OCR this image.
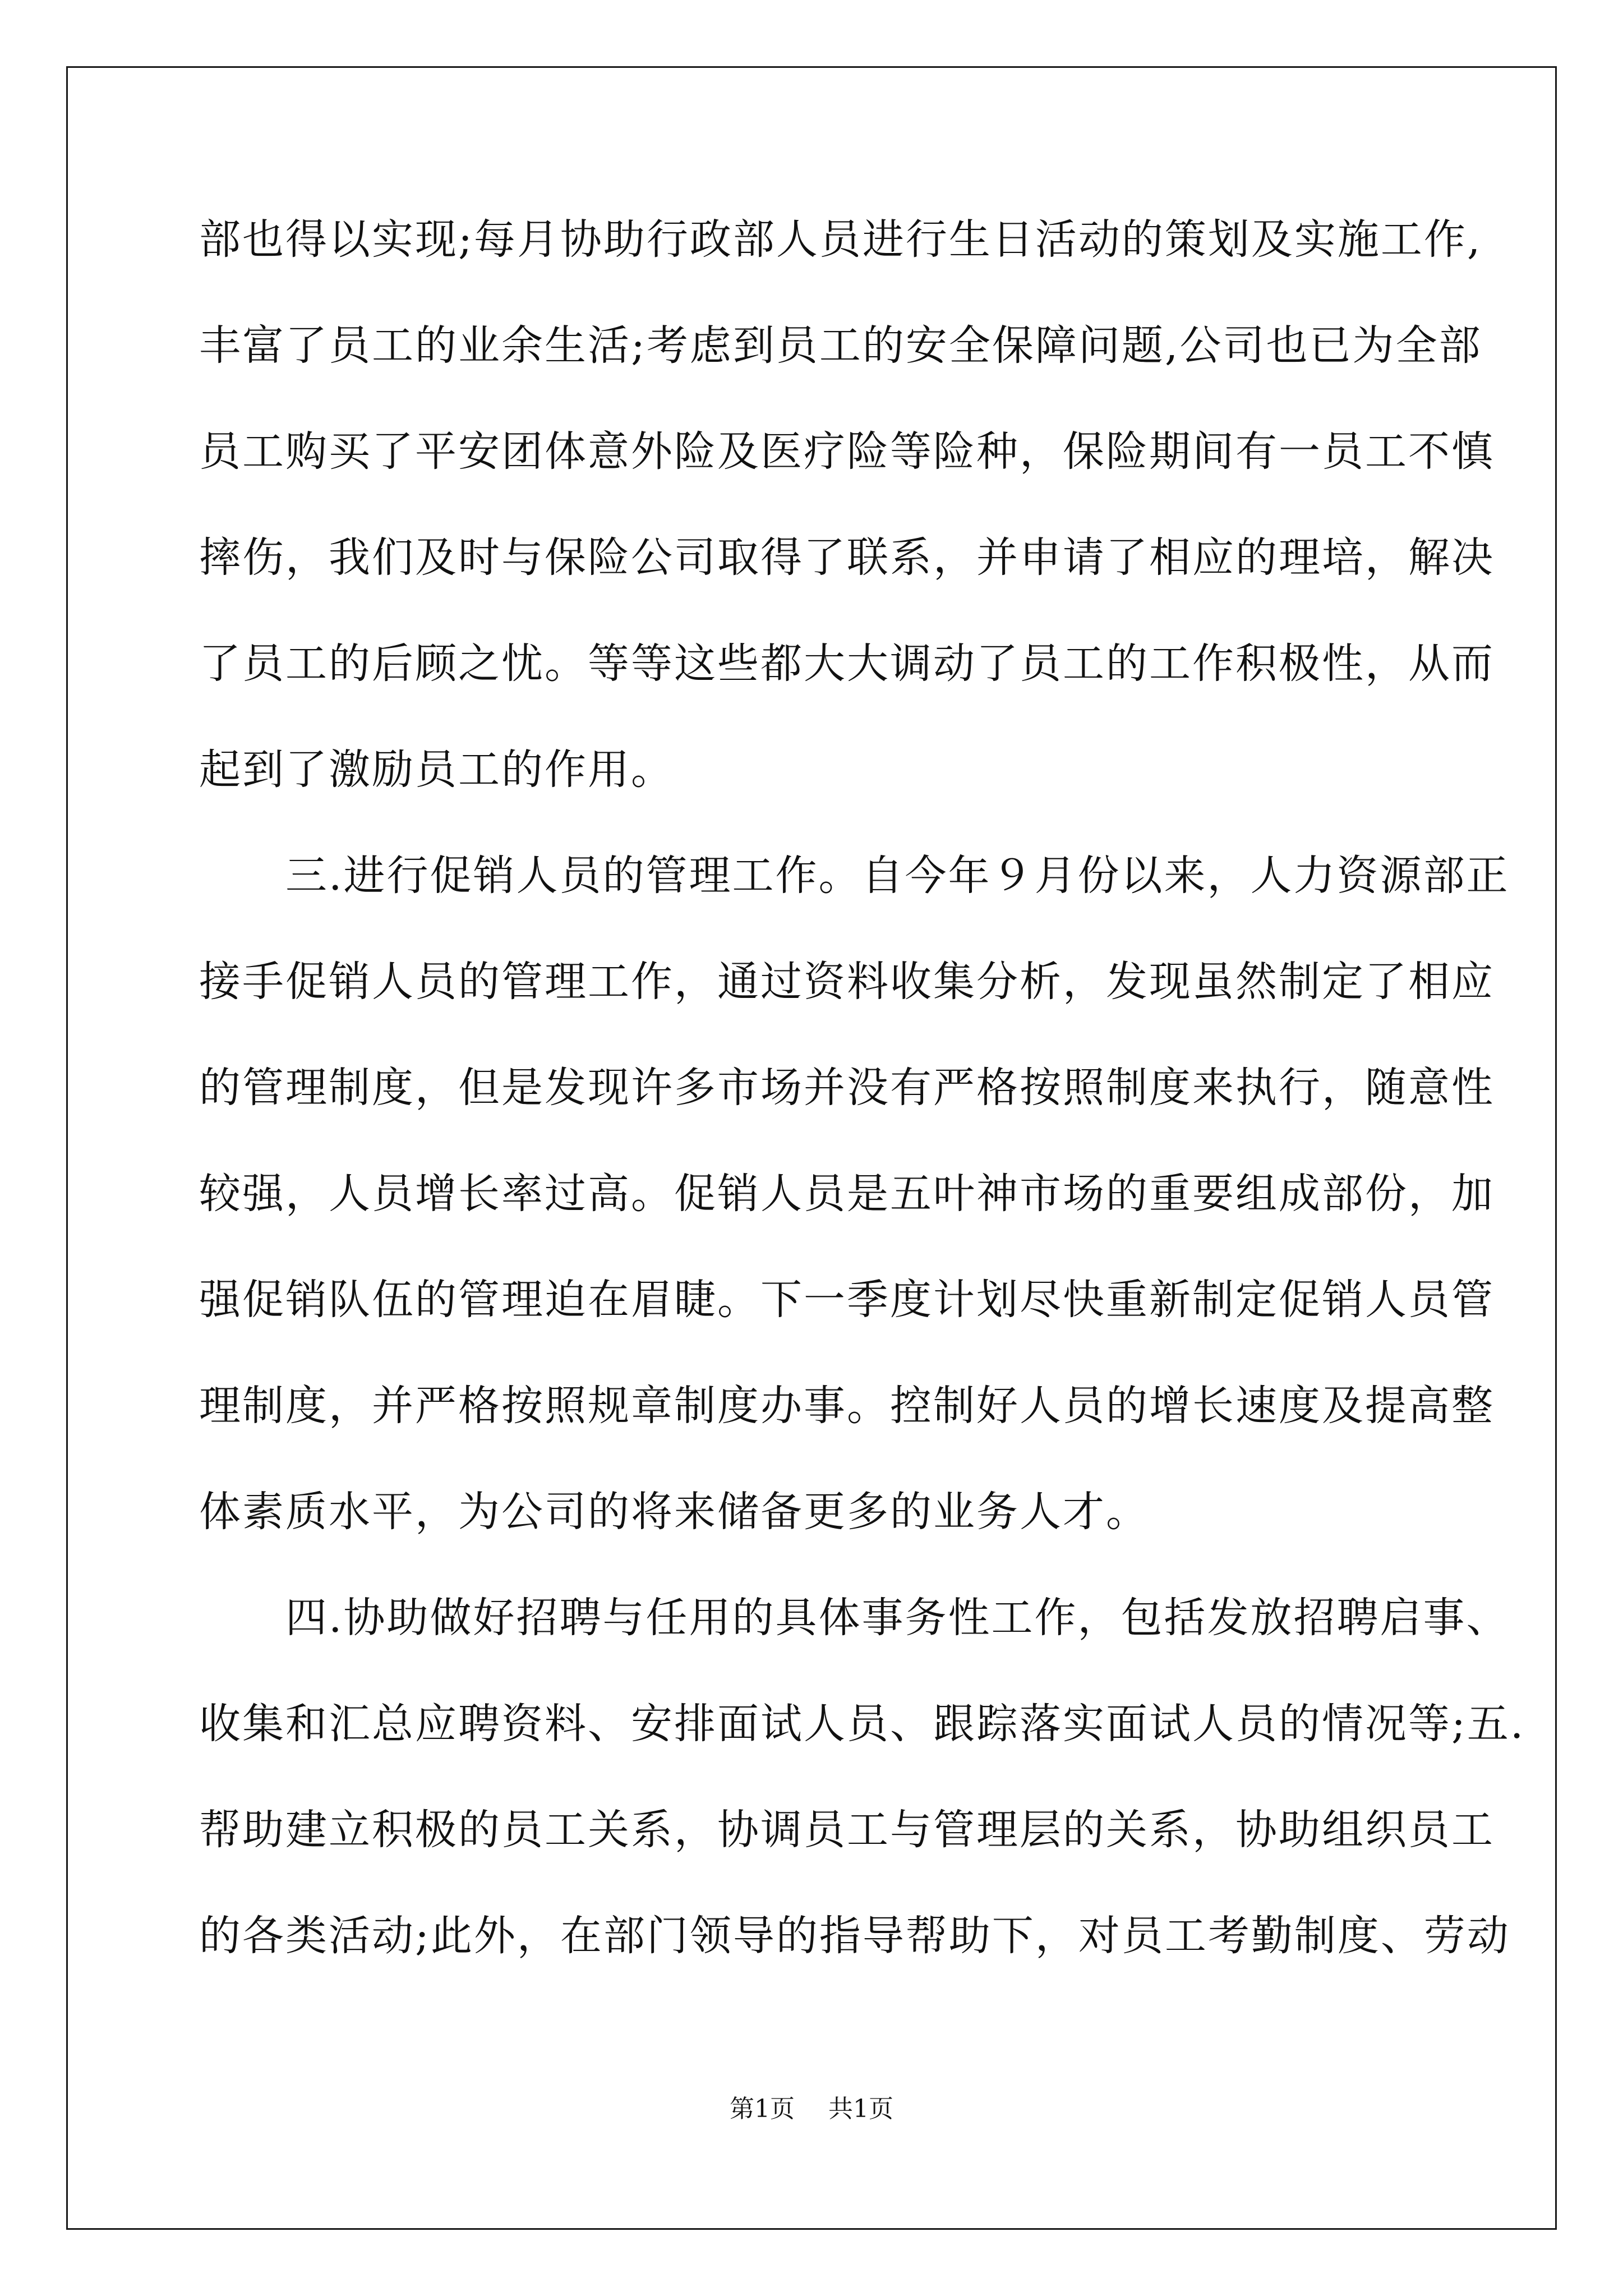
部也得以实现;每月协助行政部人员进行生日活动的策划及实施工作,
丰富了员工的业余生活;考虑到员工的安全保障问题,公司也已为全部
员工购买了平安团体意外险及医疗险等险种，保险期间有一员工不慎
摔伤，我们及时与保险公司取得了联系，并申请了相应的理培，解决
了员工的后顾之忧。等等这些都大大调动了员工的工作积极性，从而
起到了激励员工的作用。
　　三.进行促销人员的管理工作。自今年９月份以来，人力资源部正
接手促销人员的管理工作，通过资料收集分析，发现虽然制定了相应
的管理制度，但是发现许多市场并没有严格按照制度来执行，随意性
较强，人员增长率过高。促销人员是五叶神市场的重要组成部份，加
强促销队伍的管理迫在眉睫。下一季度计划尽快重新制定促销人员管
理制度，并严格按照规章制度办事。控制好人员的增长速度及提高整
体素质水平，为公司的将来储备更多的业务人才。
　　四.协助做好招聘与任用的具体事务性工作，包括发放招聘启事、
收集和汇总应聘资料、安排面试人员、跟踪落实面试人员的情况等;五.
帮助建立积极的员工关系，协调员工与管理层的关系，协助组织员工
的各类活动;此外，在部门领导的指导帮助下，对员工考勤制度、劳动
第1页 共1页
